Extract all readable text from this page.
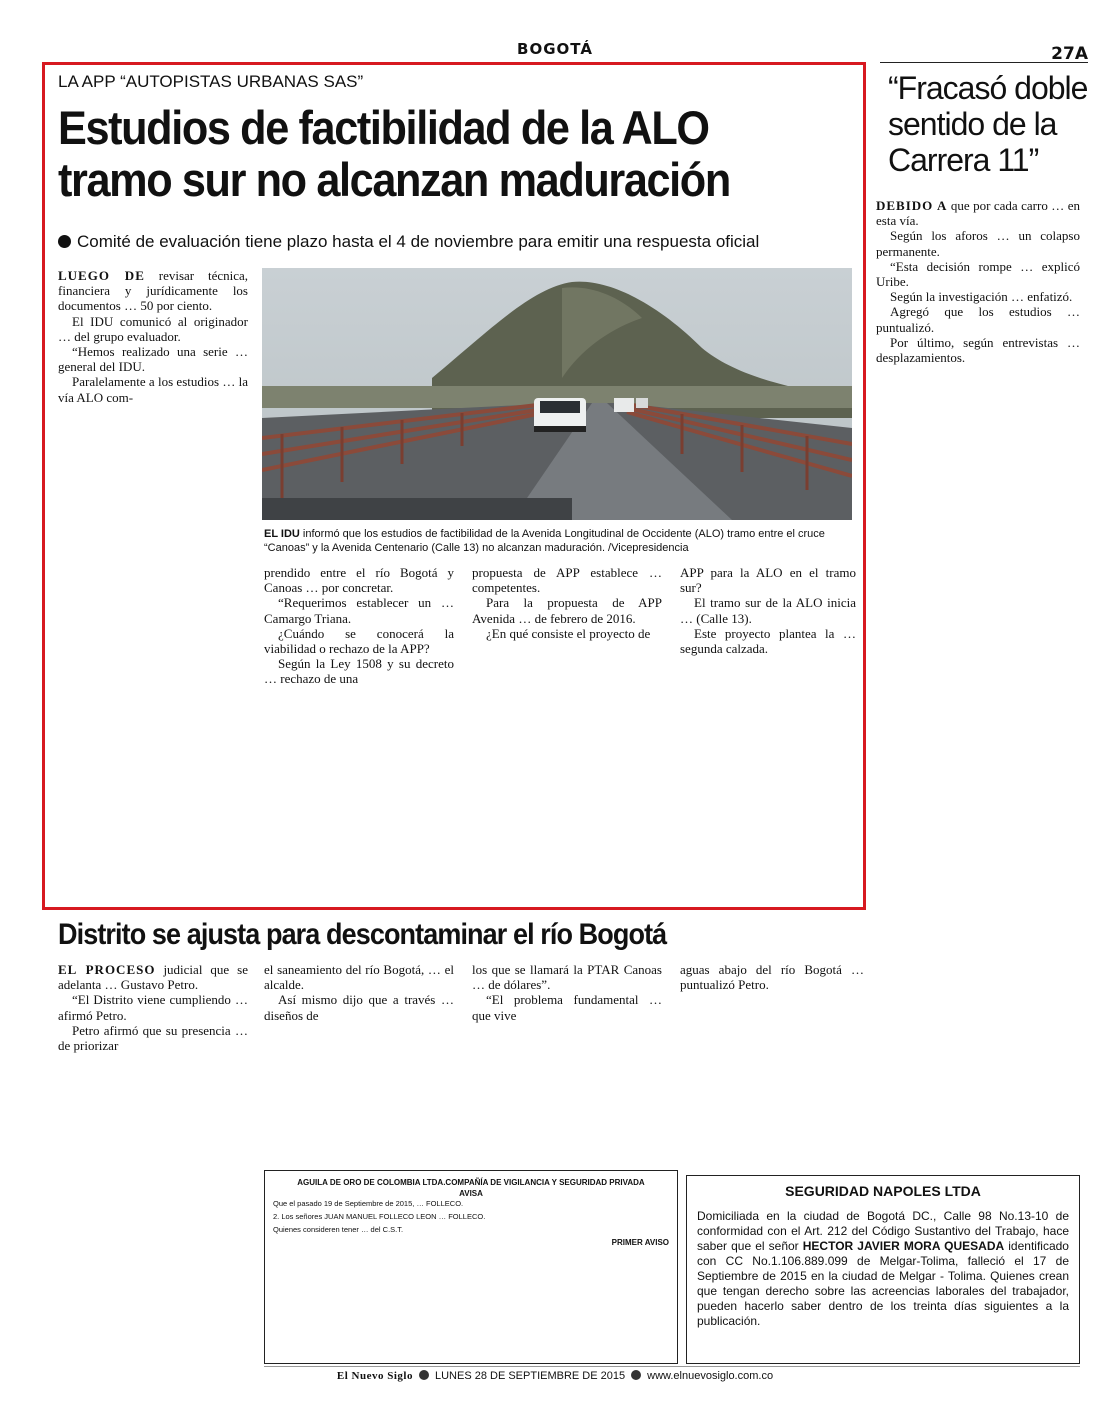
BOGOTÁ	27A
LA APP “AUTOPISTAS URBANAS SAS”
Estudios de factibilidad de la ALO
tramo sur no alcanzan maduración
Comité de evaluación tiene plazo hasta el 4 de noviembre para emitir una respuesta oficial

LUEGO DE revisar técnica, financiera y jurídicamente los documentos … 50 por ciento.

El IDU comunicó al originador … del grupo evaluador.

“Hemos realizado una serie … general del IDU.

Paralelamente a los estudios … la vía ALO com-

EL IDU informó que los estudios de factibilidad de la Avenida Longitudinal de Occidente (ALO) tramo entre el cruce “Canoas” y la Avenida Centenario (Calle 13) no alcanzan maduración. /Vicepresidencia

prendido entre el río Bogotá y Canoas … por concretar.

“Requerimos establecer un … Camargo Triana.

¿Cuándo se conocerá la viabilidad o rechazo de la APP?

Según la Ley 1508 y su decreto … rechazo de una

propuesta de APP establece … competentes.

Para la propuesta de APP Avenida … de febrero de 2016.

¿En qué consiste el proyecto de

APP para la ALO en el tramo sur?

El tramo sur de la ALO inicia … (Calle 13).

Este proyecto plantea la … segunda calzada.

“Fracasó doble sentido de la Carrera 11”

DEBIDO A que por cada carro … en esta vía.

Según los aforos … un colapso permanente.

“Esta decisión rompe … explicó Uribe.

Según la investigación … enfatizó.

Agregó que los estudios … puntualizó.

Por último, según entrevistas … desplazamientos.

Distrito se ajusta para descontaminar el río Bogotá

EL PROCESO judicial que se adelanta … Gustavo Petro.

“El Distrito viene cumpliendo … afirmó Petro.

Petro afirmó que su presencia … de priorizar

el saneamiento del río Bogotá, … el alcalde.

Así mismo dijo que a través … diseños de

los que se llamará la PTAR Canoas … de dólares”.

“El problema fundamental … que vive

aguas abajo del río Bogotá … puntualizó Petro.

AGUILA DE ORO DE COLOMBIA LTDA.COMPAÑÍA DE VIGILANCIA Y SEGURIDAD PRIVADA
AVISA

Que el pasado 19 de Septiembre de 2015, … FOLLECO.

2. Los señores JUAN MANUEL FOLLECO LEON … FOLLECO.

Quienes consideren tener … del C.S.T.

PRIMER AVISO
SEGURIDAD NAPOLES LTDA
Domiciliada en la ciudad de Bogotá DC., Calle 98 No.13-10 de conformidad con el Art. 212 del Código Sustantivo del Trabajo, hace saber que el señor HECTOR JAVIER MORA QUESADA identificado con CC No.1.106.889.099 de Melgar-Tolima, falleció el 17 de Septiembre de 2015 en la ciudad de Melgar - Tolima. Quienes crean que tengan derecho sobre las acreencias laborales del trabajador, pueden hacerlo saber dentro de los treinta días siguientes a la publicación.
El Nuevo Siglo LUNES 28 DE SEPTIEMBRE DE 2015 www.elnuevosiglo.com.co
